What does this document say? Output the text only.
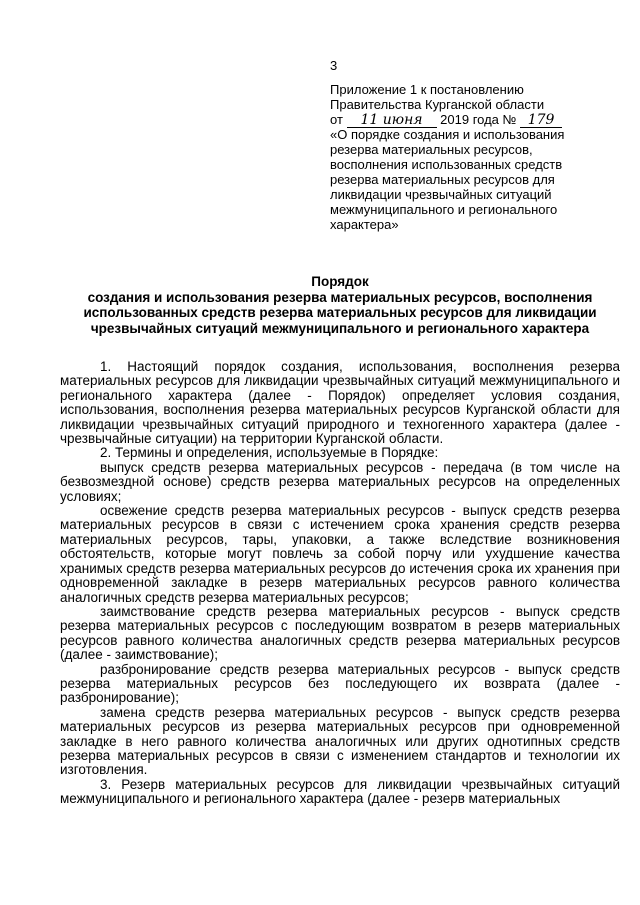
3
Приложение 1 к постановлению
Правительства Курганской области
от 11 июня 2019 года № 179
«О порядке создания и использования
резерва материальных ресурсов,
восполнения использованных средств
резерва материальных ресурсов для
ликвидации чрезвычайных ситуаций
межмуниципального и регионального
характера»
Порядок
создания и использования резерва материальных ресурсов, восполнения
использованных средств резерва материальных ресурсов для ликвидации
чрезвычайных ситуаций межмуниципального и регионального характера

1. Настоящий порядок создания, использования, восполнения резерва материальных ресурсов для ликвидации чрезвычайных ситуаций межмуниципального и регионального характера (далее - Порядок) определяет условия создания, использования, восполнения резерва материальных ресурсов Курганской области для ликвидации чрезвычайных ситуаций природного и техногенного характера (далее - чрезвычайные ситуации) на территории Курганской области.

2. Термины и определения, используемые в Порядке:

выпуск средств резерва материальных ресурсов - передача (в том числе на безвозмездной основе) средств резерва материальных ресурсов на определенных условиях;

освежение средств резерва материальных ресурсов - выпуск средств резерва материальных ресурсов в связи с истечением срока хранения средств резерва материальных ресурсов, тары, упаковки, а также вследствие возникновения обстоятельств, которые могут повлечь за собой порчу или ухудшение качества хранимых средств резерва материальных ресурсов до истечения срока их хранения при одновременной закладке в резерв материальных ресурсов равного количества аналогичных средств резерва материальных ресурсов;

заимствование средств резерва материальных ресурсов - выпуск средств резерва материальных ресурсов с последующим возвратом в резерв материальных ресурсов равного количества аналогичных средств резерва материальных ресурсов (далее - заимствование);

разбронирование средств резерва материальных ресурсов - выпуск средств резерва материальных ресурсов без последующего их возврата (далее - разбронирование);

замена средств резерва материальных ресурсов - выпуск средств резерва материальных ресурсов из резерва материальных ресурсов при одновременной закладке в него равного количества аналогичных или других однотипных средств резерва материальных ресурсов в связи с изменением стандартов и технологии их изготовления.

3. Резерв материальных ресурсов для ликвидации чрезвычайных ситуаций межмуниципального и регионального характера (далее - резерв материальных
